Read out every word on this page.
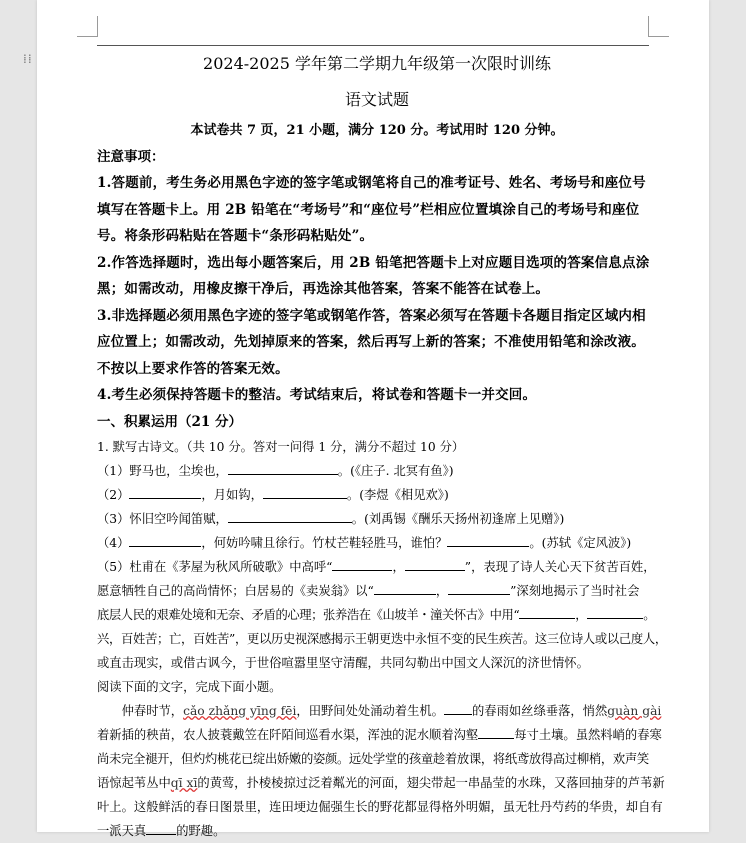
⁞⁞	2024-2025 学年第二学期九年级第一次限时训练
语文试题
本试卷共 7 页，21 小题，满分 120 分。考试用时 120 分钟。
注意事项：
1.答题前，考生务必用黑色字迹的签字笔或钢笔将自己的准考证号、姓名、考场号和座位号填写在答题卡上。用 2B 铅笔在“考场号”和“座位号”栏相应位置填涂自己的考场号和座位号。将条形码粘贴在答题卡“条形码粘贴处”。
2.作答选择题时，选出每小题答案后，用 2B 铅笔把答题卡上对应题目选项的答案信息点涂黑；如需改动，用橡皮擦干净后，再选涂其他答案，答案不能答在试卷上。
3.非选择题必须用黑色字迹的签字笔或钢笔作答，答案必须写在答题卡各题目指定区域内相应位置上；如需改动，先划掉原来的答案，然后再写上新的答案；不准使用铅笔和涂改液。不按以上要求作答的答案无效。
4.考生必须保持答题卡的整洁。考试结束后，将试卷和答题卡一并交回。
一、积累运用（21 分）
1. 默写古诗文。（共 10 分。答对一问得 1 分，满分不超过 10 分）
（1）野马也，尘埃也，	。(《庄子. 北冥有鱼》)
（2）	，月如钩，	。(李煜《相见欢》)
（3）怀旧空吟闻笛赋，	。(刘禹锡《酬乐天扬州初逢席上见赠》)
（4）	，何妨吟啸且徐行。竹杖芒鞋轻胜马，谁怕？	。(苏轼《定风波》)
（5）杜甫在《茅屋为秋风所破歌》中高呼“	，	”，表现了诗人关心天下贫苦百姓，
愿意牺牲自己的高尚情怀；白居易的《卖炭翁》以“	，	”深刻地揭示了当时社会
底层人民的艰难处境和无奈、矛盾的心理；张养浩在《山坡羊・潼关怀古》中用“	，	。
兴，百姓苦；亡，百姓苦”，更以历史视深感揭示王朝更迭中永恒不变的民生疾苦。这三位诗人或以己度人，
或直击现实，或借古讽今，于世俗喧嚣里坚守清醒，共同勾勒出中国文人深沉的济世情怀。
阅读下面的文字，完成下面小题。
仲春时节，cǎo zhǎng yīng fēi，田野间处处涌动着生机。 的春雨如丝绦垂落，悄然guàn gài
着新插的秧苗，农人披蓑戴笠在阡陌间巡看水渠，浑浊的泥水顺着沟壑	每寸土壤。虽然料峭的春寒
尚未完全褪开，但灼灼桃花已绽出娇嫩的姿颜。远处学堂的孩童趁着放课，将纸鸢放得高过柳梢，欢声笑
语惊起苇丛中qī xī的黄莺，扑棱棱掠过泛着粼光的河面，翅尖带起一串晶莹的水珠，又落回抽芽的芦苇新
叶上。这般鲜活的春日图景里，连田埂边倔强生长的野花都显得格外明媚，虽无牡丹芍药的华贵，却自有
一派天真 的野趣。
